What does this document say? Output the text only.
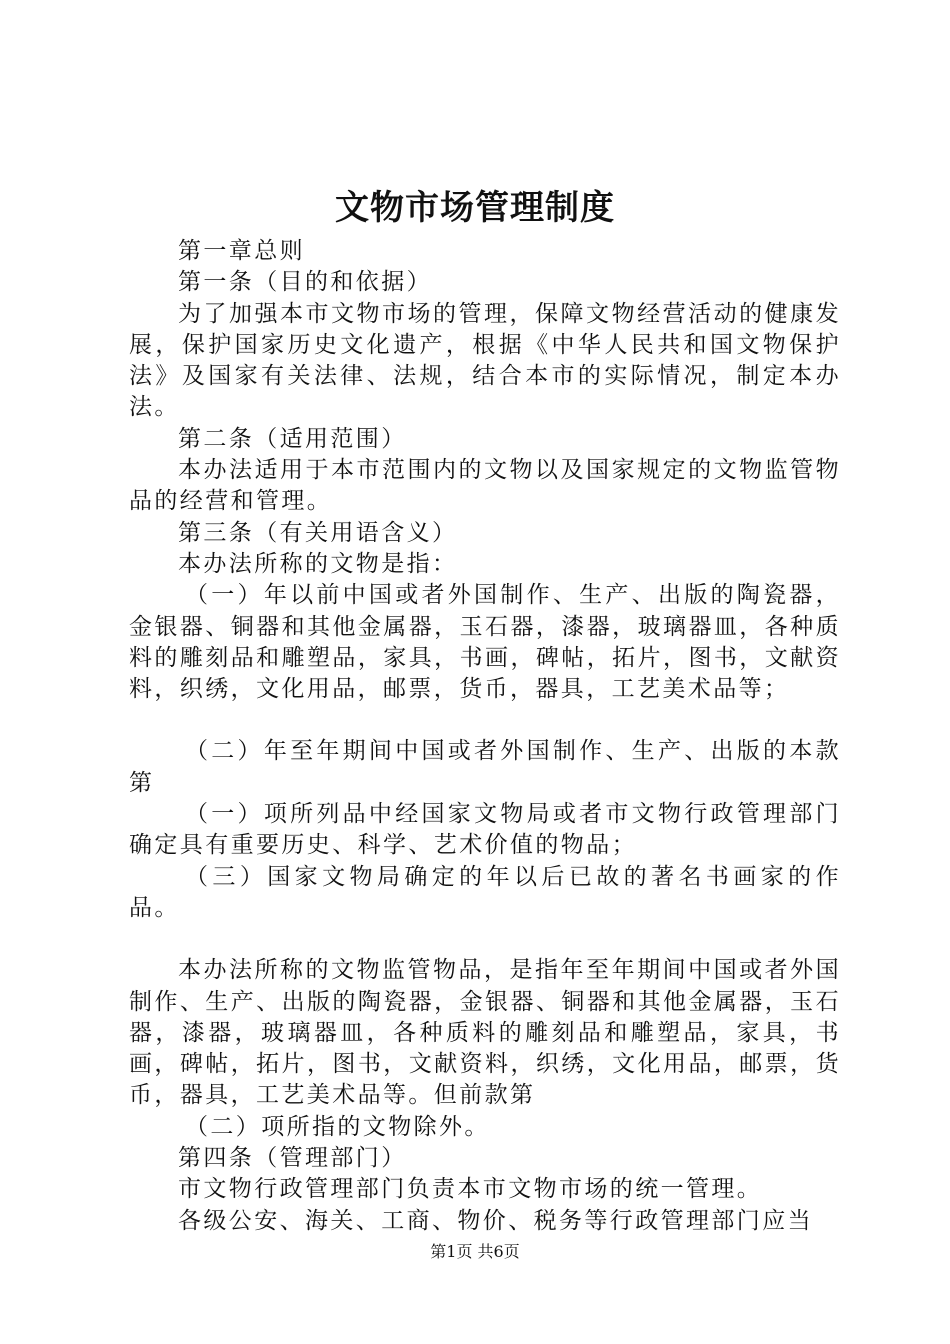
文物市场管理制度

第一章总则

第一条（目的和依据）

为了加强本市文物市场的管理，保障文物经营活动的健康发展，保护国家历史文化遗产，根据《中华人民共和国文物保护法》及国家有关法律、法规，结合本市的实际情况，制定本办法。

第二条（适用范围）

本办法适用于本市范围内的文物以及国家规定的文物监管物品的经营和管理。

第三条（有关用语含义）

本办法所称的文物是指：

（一）年以前中国或者外国制作、生产、出版的陶瓷器，金银器、铜器和其他金属器，玉石器，漆器，玻璃器皿，各种质料的雕刻品和雕塑品，家具，书画，碑帖，拓片，图书，文献资料，织绣，文化用品，邮票，货币，器具，工艺美术品等；

（二）年至年期间中国或者外国制作、生产、出版的本款第

（一）项所列品中经国家文物局或者市文物行政管理部门确定具有重要历史、科学、艺术价值的物品；

（三）国家文物局确定的年以后已故的著名书画家的作品。

本办法所称的文物监管物品，是指年至年期间中国或者外国制作、生产、出版的陶瓷器，金银器、铜器和其他金属器，玉石器，漆器，玻璃器皿，各种质料的雕刻品和雕塑品，家具，书画，碑帖，拓片，图书，文献资料，织绣，文化用品，邮票，货币，器具，工艺美术品等。但前款第

（二）项所指的文物除外。

第四条（管理部门）

市文物行政管理部门负责本市文物市场的统一管理。

各级公安、海关、工商、物价、税务等行政管理部门应当

第1页 共6页
